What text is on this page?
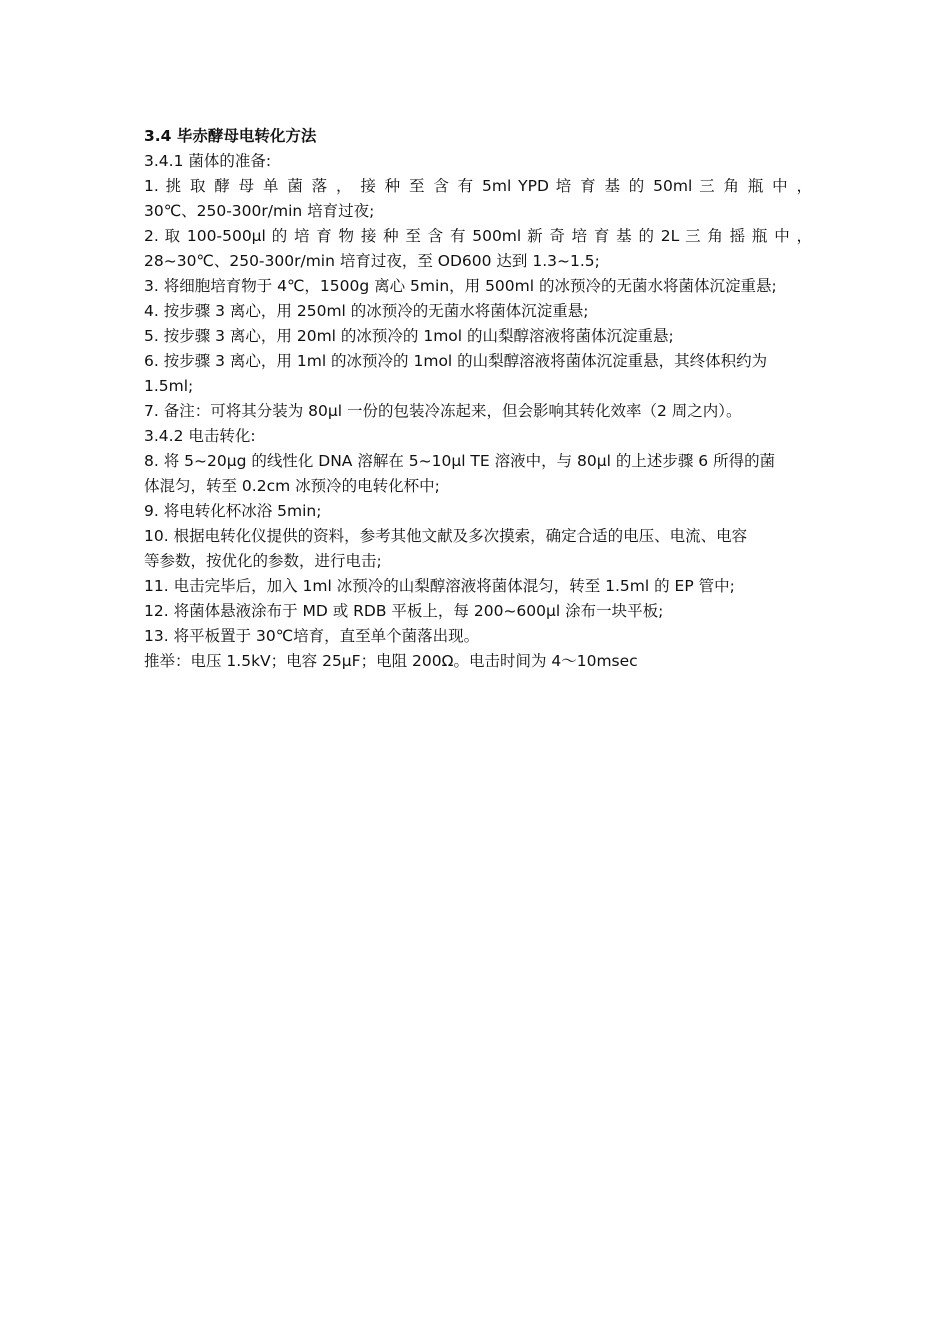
3.4 毕赤酵母电转化方法

3.4.1 菌体的准备:

1. 挑 取 酵 母 单 菌 落 ， 接 种 至 含 有 5ml YPD 培 育 基 的 50ml 三 角 瓶 中 ，

30℃、250-300r/min 培育过夜;

2. 取 100-500μl 的 培 育 物 接 种 至 含 有 500ml 新 奇 培 育 基 的 2L 三 角 摇 瓶 中 ，

28~30℃、250-300r/min 培育过夜，至 OD600 达到 1.3~1.5;

3. 将细胞培育物于 4℃，1500g 离心 5min，用 500ml 的冰预冷的无菌水将菌体沉淀重悬;

4. 按步骤 3 离心，用 250ml 的冰预冷的无菌水将菌体沉淀重悬;

5. 按步骤 3 离心，用 20ml 的冰预冷的 1mol 的山梨醇溶液将菌体沉淀重悬;

6. 按步骤 3 离心，用 1ml 的冰预冷的 1mol 的山梨醇溶液将菌体沉淀重悬，其终体积约为

1.5ml;

7. 备注：可将其分装为 80μl 一份的包装冷冻起来，但会影响其转化效率（2 周之内）。

3.4.2 电击转化:

8. 将 5~20μg 的线性化 DNA 溶解在 5~10μl TE 溶液中，与 80μl 的上述步骤 6 所得的菌

体混匀，转至 0.2cm 冰预冷的电转化杯中;

9. 将电转化杯冰浴 5min;

10. 根据电转化仪提供的资料，参考其他文献及多次摸索，确定合适的电压、电流、电容

等参数，按优化的参数，进行电击;

11. 电击完毕后，加入 1ml 冰预冷的山梨醇溶液将菌体混匀，转至 1.5ml 的 EP 管中;

12. 将菌体悬液涂布于 MD 或 RDB 平板上，每 200~600μl 涂布一块平板;

13. 将平板置于 30℃培育，直至单个菌落出现。

推举：电压 1.5kV；电容 25μF；电阻 200Ω。电击时间为 4～10msec
